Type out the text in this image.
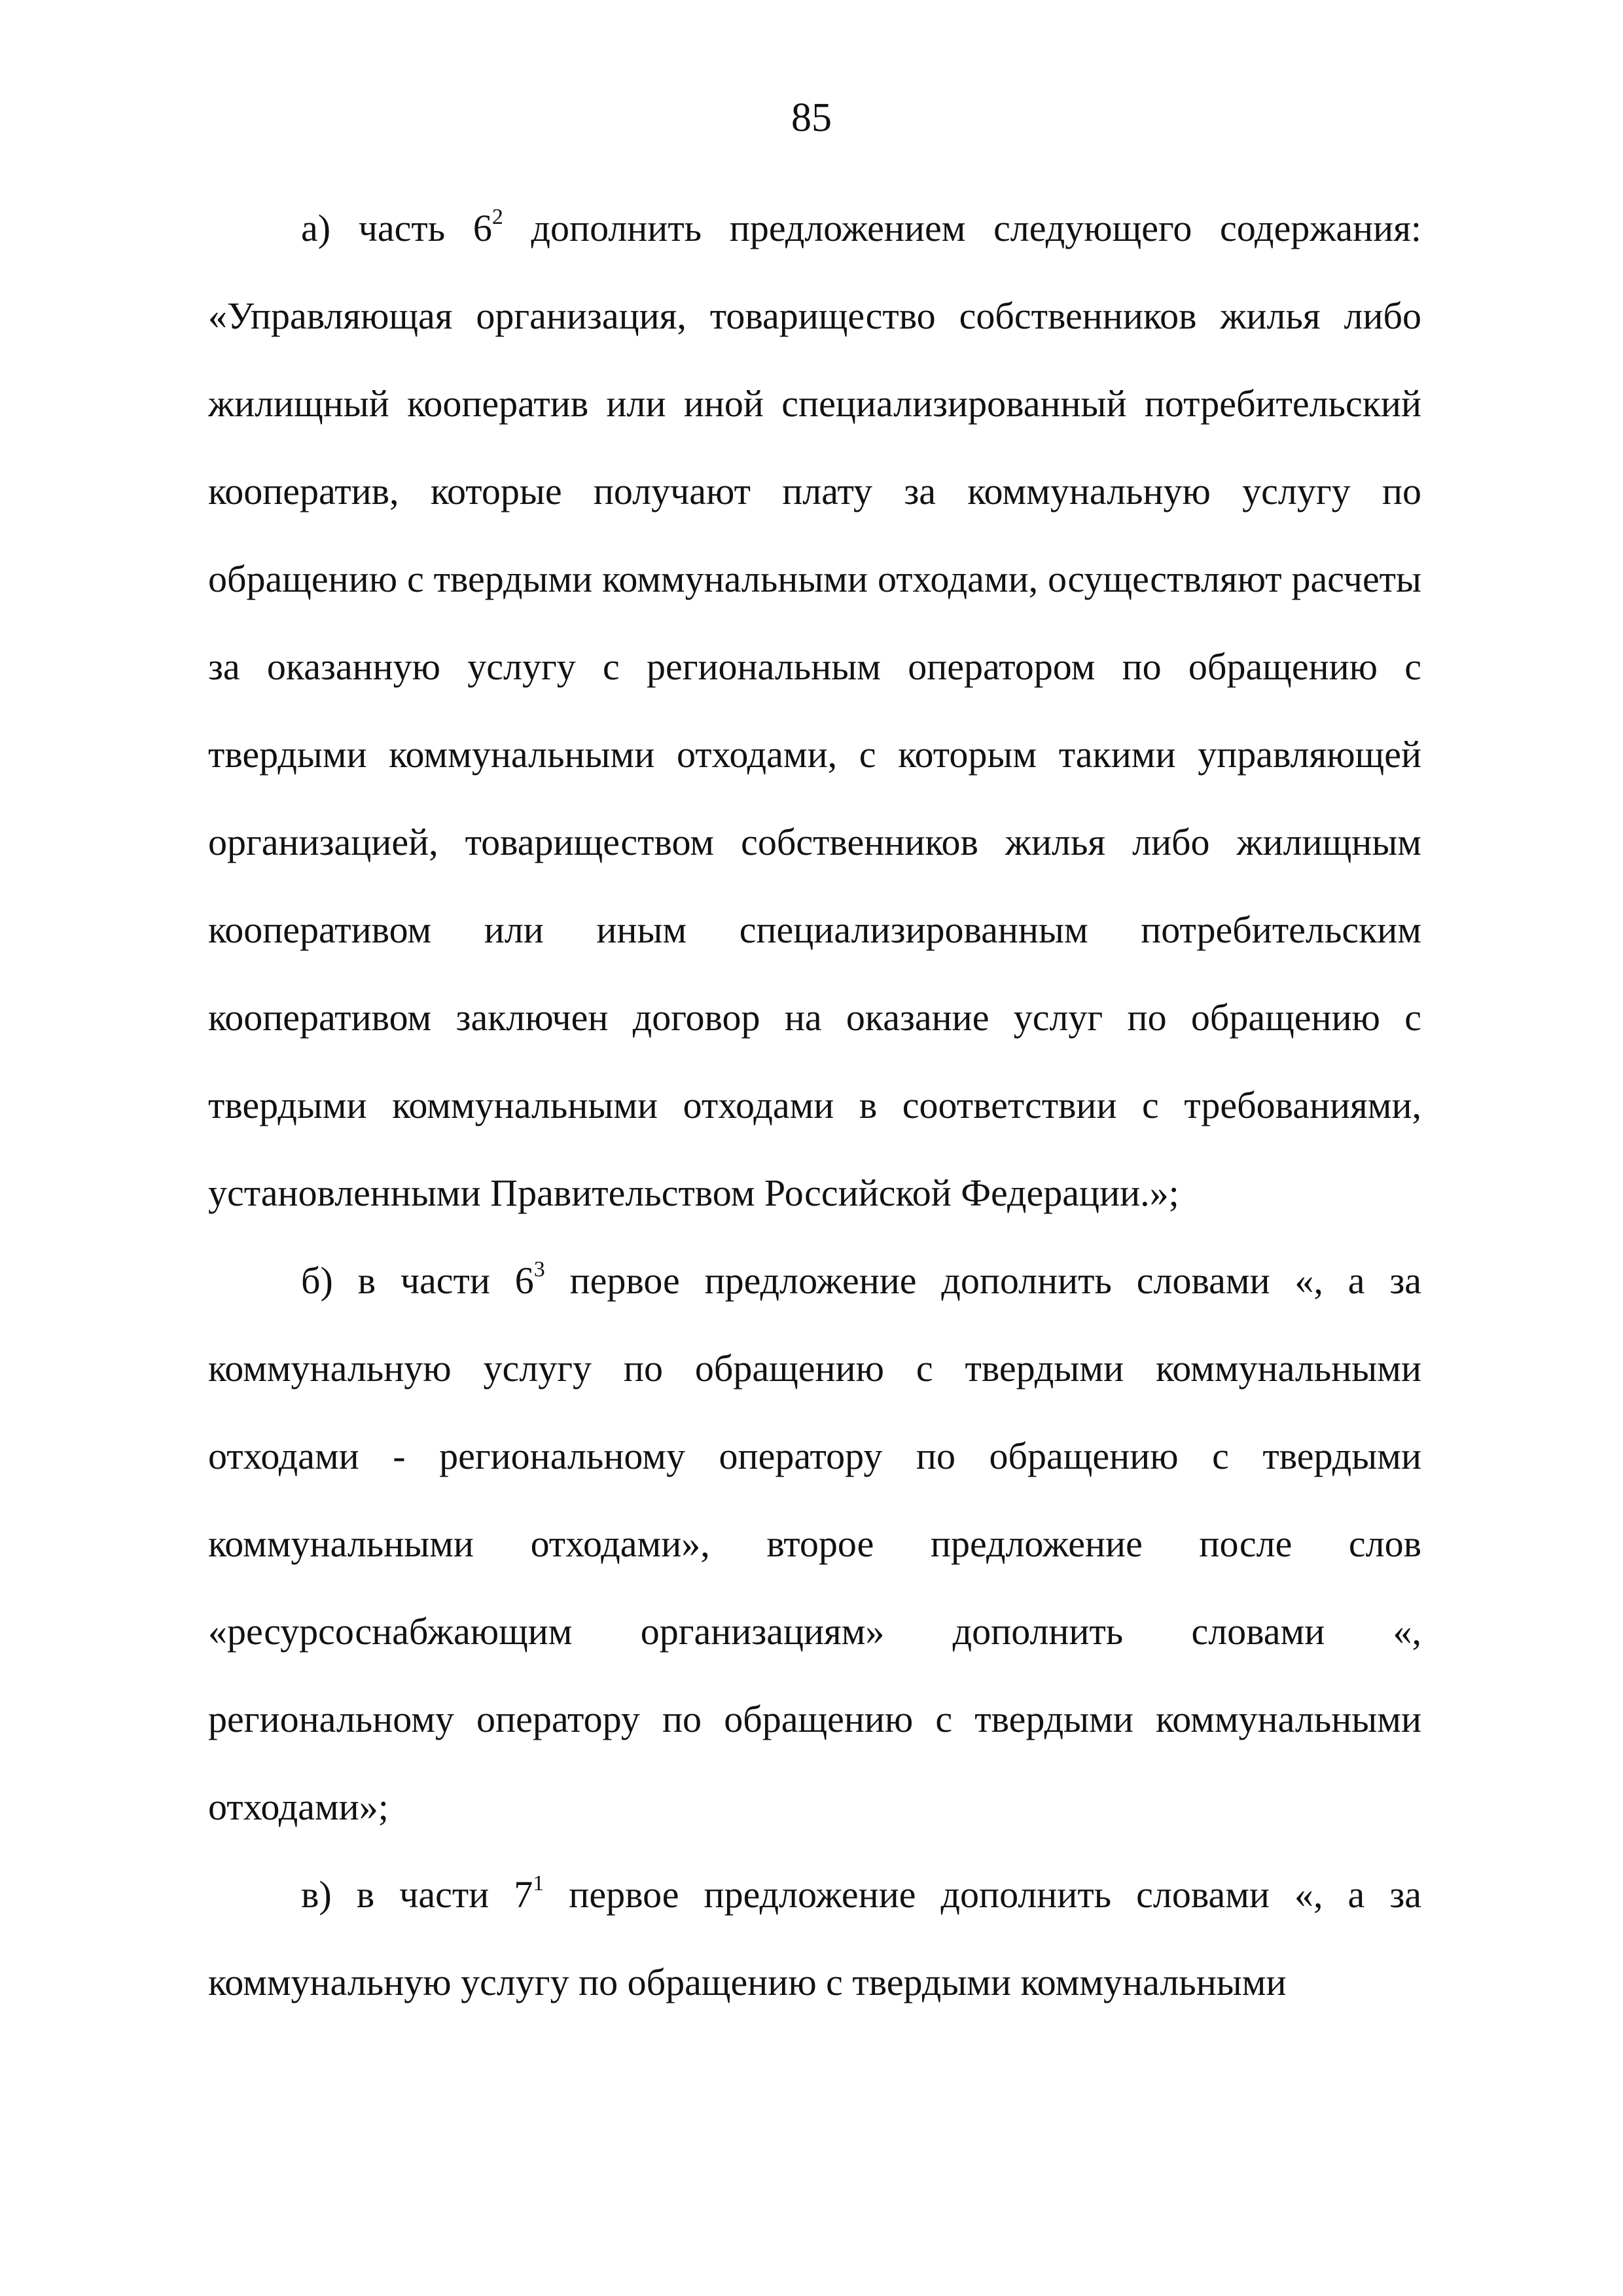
85

а) часть $6^2$ дополнить предложением следующего содержания: «Управляющая организация, товарищество собственников жилья либо жилищный кооператив или иной специализированный потребительский кооператив, которые получают плату за коммунальную услугу по обращению с твердыми коммунальными отходами, осуществляют расчеты за оказанную услугу с региональным оператором по обращению с твердыми коммунальными отходами, с которым такими управляющей организацией, товариществом собственников жилья либо жилищным кооперативом или иным специализированным потребительским кооперативом заключен договор на оказание услуг по обращению с твердыми коммунальными отходами в соответствии с требованиями, установленными Правительством Российской Федерации.»;

б) в части $6^3$ первое предложение дополнить словами «, а за коммунальную услугу по обращению с твердыми коммунальными отходами - региональному оператору по обращению с твердыми коммунальными отходами», второе предложение после слов «ресурсоснабжающим организациям» дополнить словами «, региональному оператору по обращению с твердыми коммунальными отходами»;

в) в части $7^1$ первое предложение дополнить словами «, а за коммунальную услугу по обращению с твердыми коммунальными
